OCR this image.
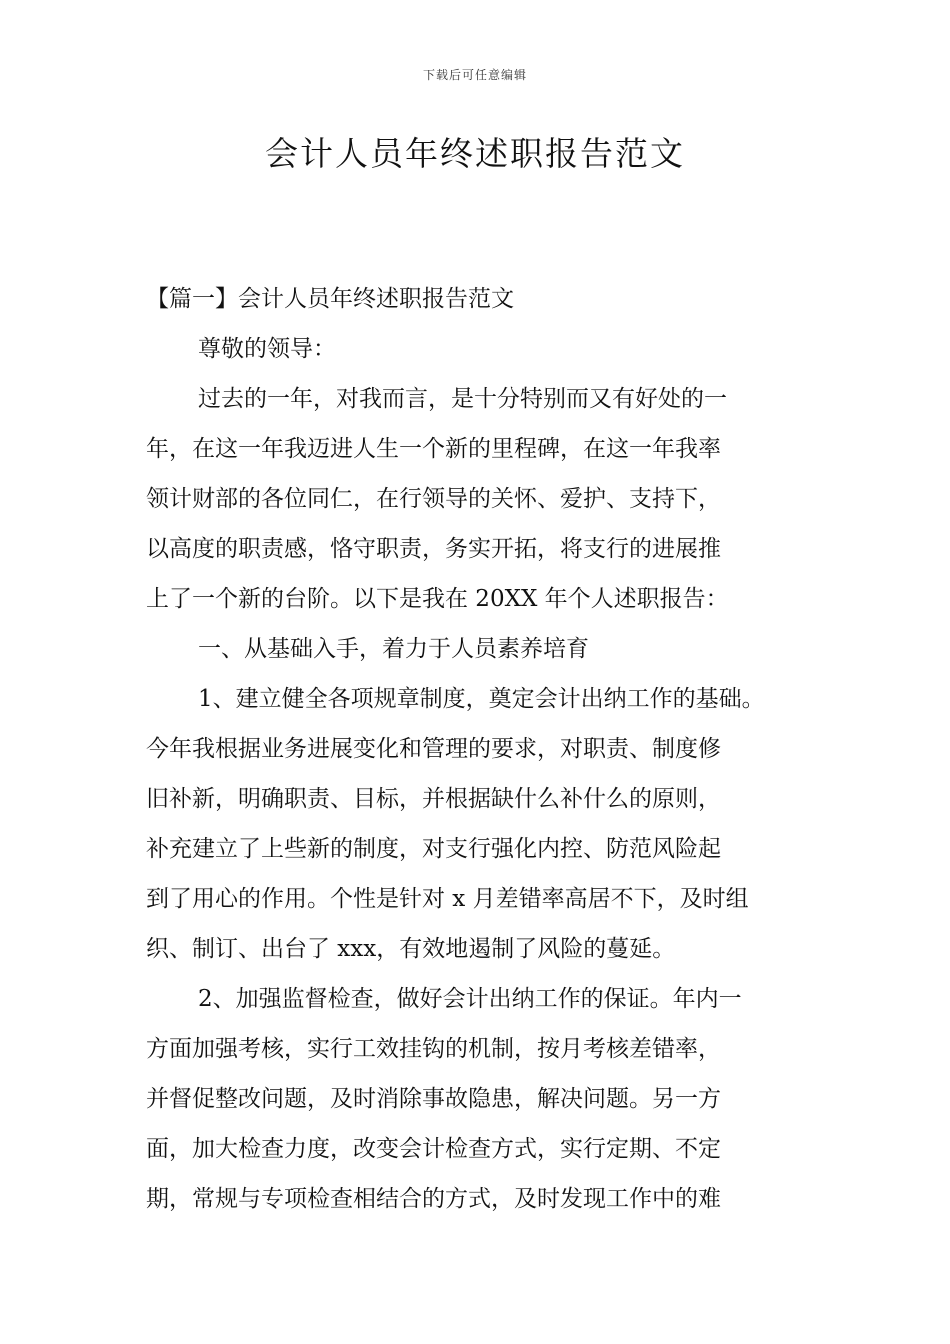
下载后可任意编辑
会计人员年终述职报告范文
【篇一】会计人员年终述职报告范文
尊敬的领导：
过去的一年，对我而言，是十分特别而又有好处的一
年，在这一年我迈进人生一个新的里程碑，在这一年我率
领计财部的各位同仁，在行领导的关怀、爱护、支持下，
以高度的职责感，恪守职责，务实开拓，将支行的进展推
上了一个新的台阶。以下是我在 20XX 年个人述职报告：
一、从基础入手，着力于人员素养培育
1、建立健全各项规章制度，奠定会计出纳工作的基础。
今年我根据业务进展变化和管理的要求，对职责、制度修
旧补新，明确职责、目标，并根据缺什么补什么的原则，
补充建立了上些新的制度，对支行强化内控、防范风险起
到了用心的作用。个性是针对 x 月差错率高居不下，及时组
织、制订、出台了 xxx，有效地遏制了风险的蔓延。
2、加强监督检查，做好会计出纳工作的保证。年内一
方面加强考核，实行工效挂钩的机制，按月考核差错率，
并督促整改问题，及时消除事故隐患，解决问题。另一方
面，加大检查力度，改变会计检查方式，实行定期、不定
期，常规与专项检查相结合的方式，及时发现工作中的难
